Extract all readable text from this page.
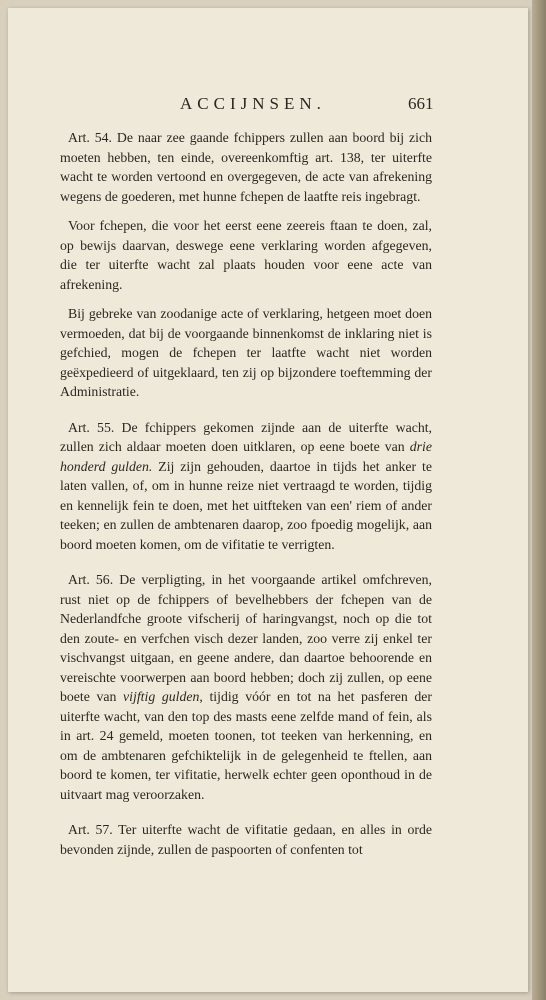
ACCIJNSEN.	661

Art. 54. De naar zee gaande fchippers zullen aan boord bij zich moeten hebben, ten einde, overeenkomftig art. 138, ter uiterfte wacht te worden vertoond en overgegeven, de acte van afrekening wegens de goederen, met hunne fchepen de laatfte reis ingebragt.

Voor fchepen, die voor het eerst eene zeereis ftaan te doen, zal, op bewijs daarvan, deswege eene verklaring worden afgegeven, die ter uiterfte wacht zal plaats houden voor eene acte van afrekening.

Bij gebreke van zoodanige acte of verklaring, hetgeen moet doen vermoeden, dat bij de voorgaande binnenkomst de inklaring niet is gefchied, mogen de fchepen ter laatfte wacht niet worden geëxpedieerd of uitgeklaard, ten zij op bijzondere toeftemming der Administratie.

Art. 55. De fchippers gekomen zijnde aan de uiterfte wacht, zullen zich aldaar moeten doen uitklaren, op eene boete van drie honderd gulden. Zij zijn gehouden, daartoe in tijds het anker te laten vallen, of, om in hunne reize niet vertraagd te worden, tijdig en kennelijk fein te doen, met het uitfteken van een' riem of ander teeken; en zullen de ambtenaren daarop, zoo fpoedig mogelijk, aan boord moeten komen, om de vifitatie te verrigten.

Art. 56. De verpligting, in het voorgaande artikel omfchreven, rust niet op de fchippers of bevelhebbers der fchepen van de Nederlandfche groote vifscherij of haringvangst, noch op die tot den zoute- en verfchen visch dezer landen, zoo verre zij enkel ter vischvangst uitgaan, en geene andere, dan daartoe behoorende en vereischte voorwerpen aan boord hebben; doch zij zullen, op eene boete van vijftig gulden, tijdig vóór en tot na het pasferen der uiterfte wacht, van den top des masts eene zelfde mand of fein, als in art. 24 gemeld, moeten toonen, tot teeken van herkenning, en om de ambtenaren gefchiktelijk in de gelegenheid te ftellen, aan boord te komen, ter vifitatie, herwelk echter geen oponthoud in de uitvaart mag veroorzaken.

Art. 57. Ter uiterfte wacht de vifitatie gedaan, en alles in orde bevonden zijnde, zullen de paspoorten of confenten tot
